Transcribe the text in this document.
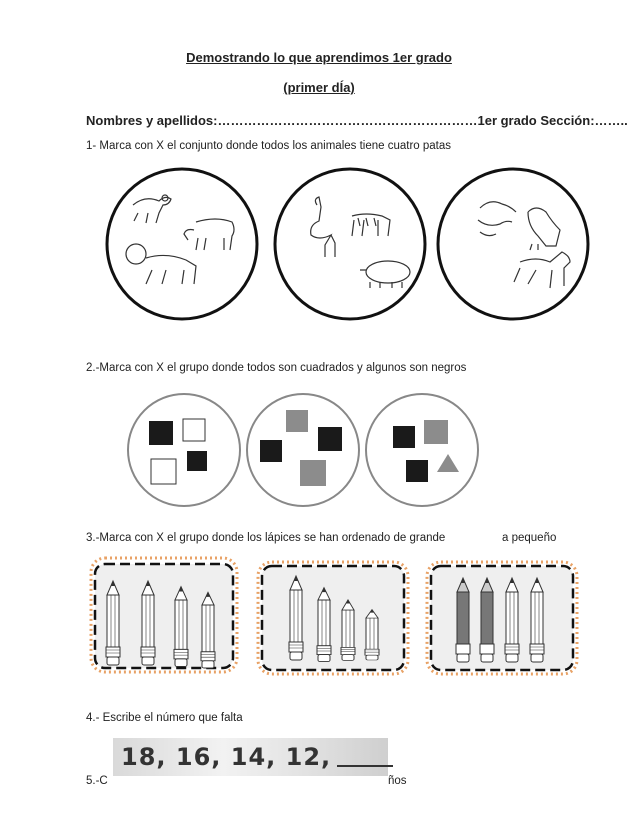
Demostrando lo que aprendimos 1er grado
(primer dÍa)
Nombres y apellidos:……………………………………………………1er grado Sección:……..
1- Marca con X el conjunto donde todos los animales tiene cuatro patas
2.-Marca con X el grupo donde todos son cuadrados y algunos son negros
3.-Marca con X el grupo donde los lápices se han ordenado de grande	a pequeño
4.- Escribe el número que falta
5.-C
18, 16, 14, 12,
ños
